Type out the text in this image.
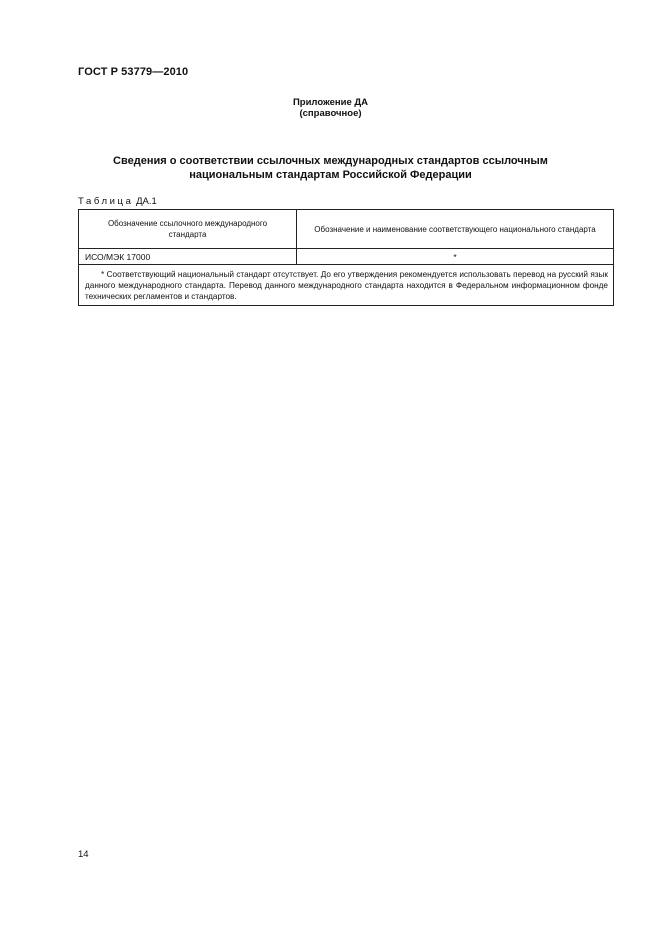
ГОСТ Р 53779—2010
Приложение ДА
(справочное)
Сведения о соответствии ссылочных международных стандартов ссылочным
национальным стандартам Российской Федерации
Таблица ДА.1
Обозначение ссылочного международного стандарта	Обозначение и наименование соответствующего национального стандарта
ИСО/МЭК 17000	*
* Соответствующий национальный стандарт отсутствует. До его утверждения рекомендуется использовать перевод на русский язык данного международного стандарта. Перевод данного международного стандарта находится в Федеральном информационном фонде технических регламентов и стандартов.	
14
